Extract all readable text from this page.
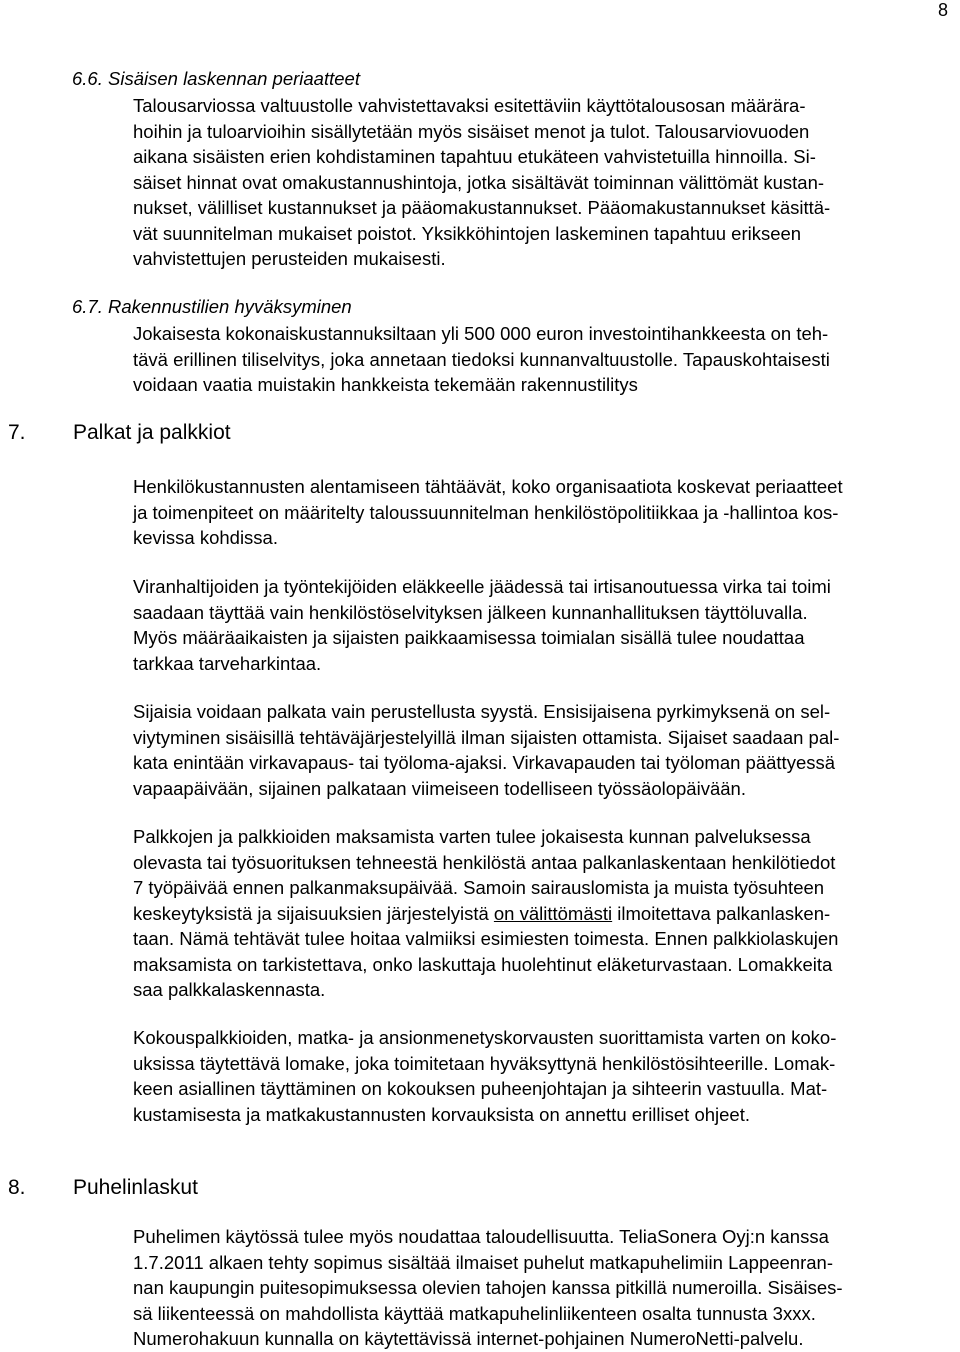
8
6.6. Sisäisen laskennan periaatteet
Talousarviossa valtuustolle vahvistettavaksi esitettäviin käyttötalousosan määrära-
hoihin ja tuloarvioihin sisällytetään myös sisäiset menot ja tulot. Talousarviovuoden
aikana sisäisten erien kohdistaminen tapahtuu etukäteen vahvistetuilla hinnoilla. Si-
säiset hinnat ovat omakustannushintoja, jotka sisältävät toiminnan välittömät kustan-
nukset, välilliset kustannukset ja pääomakustannukset. Pääomakustannukset käsittä-
vät suunnitelman mukaiset poistot. Yksikköhintojen laskeminen tapahtuu erikseen
vahvistettujen perusteiden mukaisesti.
6.7. Rakennustilien hyväksyminen
Jokaisesta kokonaiskustannuksiltaan yli 500 000 euron investointihankkeesta on teh-
tävä erillinen tiliselvitys, joka annetaan tiedoksi kunnanvaltuustolle. Tapauskohtaisesti
voidaan vaatia muistakin hankkeista tekemään rakennustilitys
7. Palkat ja palkkiot
Henkilökustannusten alentamiseen tähtäävät, koko organisaatiota koskevat periaatteet
ja toimenpiteet on määritelty taloussuunnitelman henkilöstöpolitiikkaa ja -hallintoa kos-
kevissa kohdissa.
Viranhaltijoiden ja työntekijöiden eläkkeelle jäädessä tai irtisanoutuessa virka tai toimi
saadaan täyttää vain henkilöstöselvityksen jälkeen kunnanhallituksen täyttöluvalla.
Myös määräaikaisten ja sijaisten paikkaamisessa toimialan sisällä tulee noudattaa
tarkkaa tarveharkintaa.
Sijaisia voidaan palkata vain perustellusta syystä. Ensisijaisena pyrkimyksenä on sel-
viytyminen sisäisillä tehtäväjärjestelyillä ilman sijaisten ottamista. Sijaiset saadaan pal-
kata enintään virkavapaus- tai työloma-ajaksi. Virkavapauden tai työloman päättyessä
vapaapäivään, sijainen palkataan viimeiseen todelliseen työssäolopäivään.
Palkkojen ja palkkioiden maksamista varten tulee jokaisesta kunnan palveluksessa
olevasta tai työsuorituksen tehneestä henkilöstä antaa palkanlaskentaan henkilötiedot
7 työpäivää ennen palkanmaksupäivää. Samoin sairauslomista ja muista työsuhteen
keskeytyksistä ja sijaisuuksien järjestelyistä on välittömästi ilmoitettava palkanlasken-
taan. Nämä tehtävät tulee hoitaa valmiiksi esimiesten toimesta. Ennen palkkiolaskujen
maksamista on tarkistettava, onko laskuttaja huolehtinut eläketurvastaan. Lomakkeita
saa palkkalaskennasta.
Kokouspalkkioiden, matka- ja ansionmenetyskorvausten suorittamista varten on koko-
uksissa täytettävä lomake, joka toimitetaan hyväksyttynä henkilöstösihteerille. Lomak-
keen asiallinen täyttäminen on kokouksen puheenjohtajan ja sihteerin vastuulla. Mat-
kustamisesta ja matkakustannusten korvauksista on annettu erilliset ohjeet.
8. Puhelinlaskut
Puhelimen käytössä tulee myös noudattaa taloudellisuutta. TeliaSonera Oyj:n kanssa
1.7.2011 alkaen tehty sopimus sisältää ilmaiset puhelut matkapuhelimiin Lappeenran-
nan kaupungin puitesopimuksessa olevien tahojen kanssa pitkillä numeroilla. Sisäises-
sä liikenteessä on mahdollista käyttää matkapuhelinliikenteen osalta tunnusta 3xxx.
Numerohakuun kunnalla on käytettävissä internet-pohjainen NumeroNetti-palvelu.
